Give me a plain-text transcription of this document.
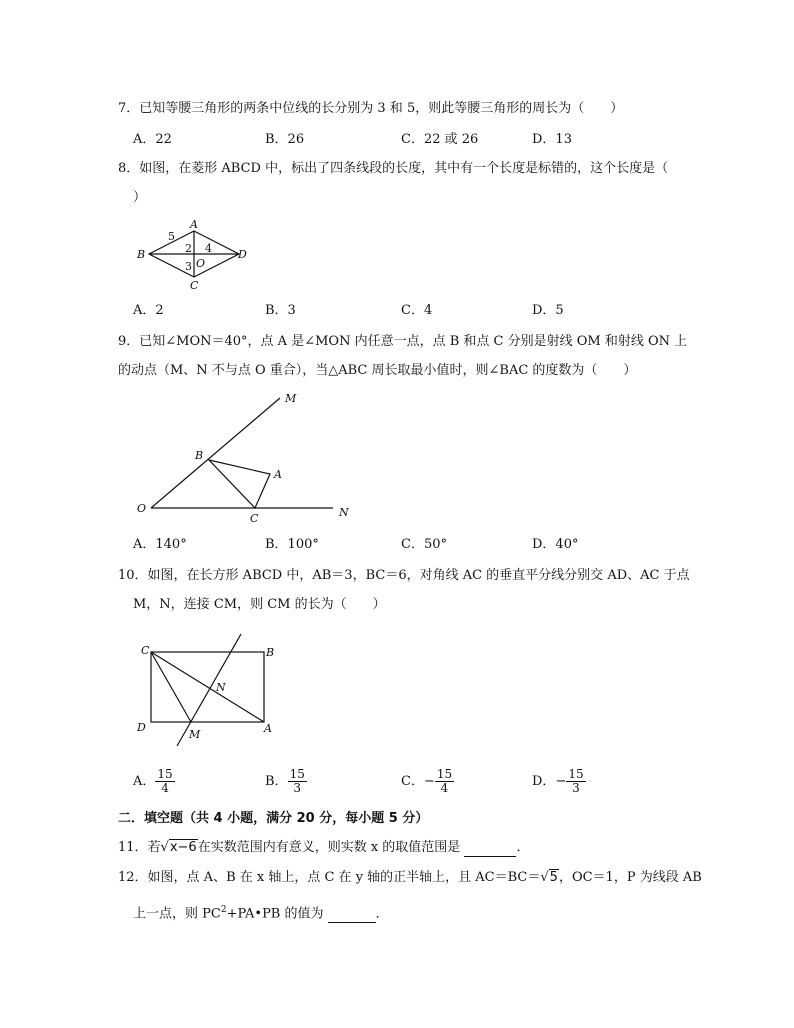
7．已知等腰三角形的两条中位线的长分别为 3 和 5，则此等腰三角形的周长为（　　）
A．22	B．26	C．22 或 26	D．13
8．如图，在菱形 ABCD 中，标出了四条线段的长度，其中有一个长度是标错的，这个长度是（
）
A
B
C
D
O
5
2 4
3
A．2	B．3	C．4	D．5
9．已知∠MON＝40°，点 A 是∠MON 内任意一点，点 B 和点 C 分别是射线 OM 和射线 ON 上
的动点（M、N 不与点 O 重合），当△ABC 周长取最小值时，则∠BAC 的度数为（　　）
M
B
A
O
C	N
A．140°	B．100°	C．50°	D．40°
10．如图，在长方形 ABCD 中，AB＝3，BC＝6，对角线 AC 的垂直平分线分别交 AD、AC 于点
M，N，连接 CM，则 CM 的长为（　　）
C	B
N
D
M	A
A． $\frac{15}{4}$	B． $\frac{15}{3}$	C．− $\frac{15}{4}$	D．− $\frac{15}{3}$
二．填空题（共 4 小题，满分 20 分，每小题 5 分）
11．若√x−6在实数范围内有意义，则实数 x 的取值范围是	．
12．如图，点 A、B 在 x 轴上，点 C 在 y 轴的正半轴上，且 AC＝BC＝√5，OC＝1，P 为线段 AB
上一点，则 $PC^2+PA•PB$ 的值为	．
